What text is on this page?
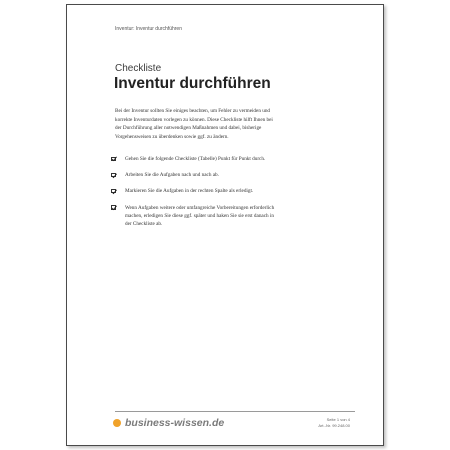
Inventur: Inventur durchführen
Checkliste
Inventur durchführen
Bei der Inventur sollten Sie einiges beachten, um Fehler zu vermeiden und
korrekte Inventurdaten vorlegen zu können. Diese Checkliste hilft Ihnen bei
der Durchführung aller notwendigen Maßnahmen und dabei, bisherige
Vorgehensweisen zu überdenken sowie ggf. zu ändern.
Gehen Sie die folgende Checkliste (Tabelle) Punkt für Punkt durch.
Arbeiten Sie die Aufgaben nach und nach ab.
Markieren Sie die Aufgaben in der rechten Spalte als erledigt.
Wenn Aufgaben weitere oder umfangreiche Vorbereitungen erforderlich
machen, erledigen Sie diese ggf. später und haken Sie sie erst danach in
der Checkliste ab.
business-wissen.de	Seite 1 von 4
Art.-Nr. 99.248.00
